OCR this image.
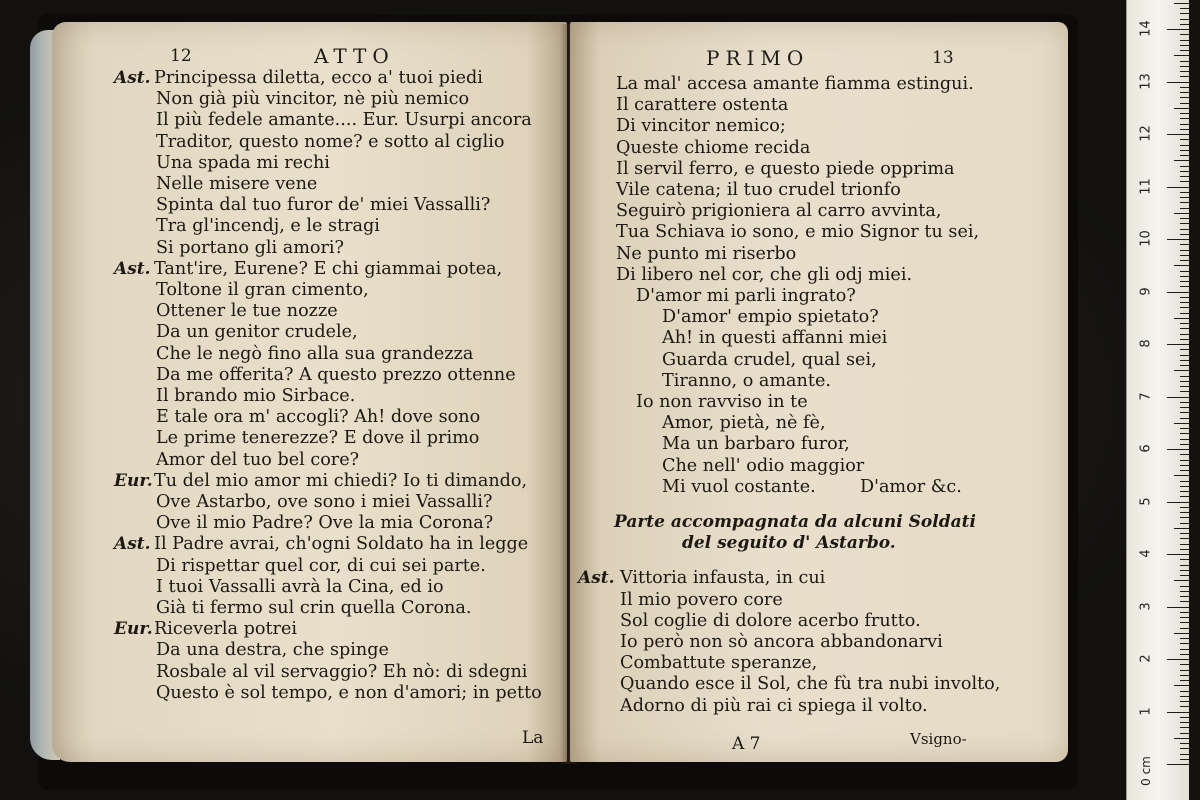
12	ATTO
Ast. Principessa diletta, ecco a' tuoi piedi
Non già più vincitor, nè più nemico
Il più fedele amante.... Eur. Usurpi ancora
Traditor, questo nome? e sotto al ciglio
Una spada mi rechi
Nelle misere vene
Spinta dal tuo furor de' miei Vassalli?
Tra gl'incendj, e le stragi
Si portano gli amori?
Ast. Tant'ire, Eurene? E chi giammai potea,
Toltone il gran cimento,
Ottener le tue nozze
Da un genitor crudele,
Che le negò fino alla sua grandezza
Da me offerita? A questo prezzo ottenne
Il brando mio Sirbace.
E tale ora m' accogli? Ah! dove sono
Le prime tenerezze? E dove il primo
Amor del tuo bel core?
Eur. Tu del mio amor mi chiedi? Io ti dimando,
Ove Astarbo, ove sono i miei Vassalli?
Ove il mio Padre? Ove la mia Corona?
Ast. Il Padre avrai, ch'ogni Soldato ha in legge
Di rispettar quel cor, di cui sei parte.
I tuoi Vassalli avrà la Cina, ed io
Già ti fermo sul crin quella Corona.
Eur. Riceverla potrei
Da una destra, che spinge
Rosbale al vil servaggio? Eh nò: di sdegni
Questo è sol tempo, e non d'amori; in petto
La
PRIMO	13
La mal' accesa amante fiamma estingui.
Il carattere ostenta
Di vincitor nemico;
Queste chiome recida
Il servil ferro, e questo piede opprima
Vile catena; il tuo crudel trionfo
Seguirò prigioniera al carro avvinta,
Tua Schiava io sono, e mio Signor tu sei,
Ne punto mi riserbo
Di libero nel cor, che gli odj miei.
D'amor mi parli ingrato?
D'amor' empio spietato?
Ah! in questi affanni miei
Guarda crudel, qual sei,
Tiranno, o amante.
Io non ravviso in te
Amor, pietà, nè fè,
Ma un barbaro furor,
Che nell' odio maggior
Mi vuol costante.	D'amor &c.
Parte accompagnata da alcuni Soldati
del seguito d' Astarbo.
Vittoria infausta, in cui
Ast.
Il mio povero core
Sol coglie di dolore acerbo frutto.
Io però non sò ancora abbandonarvi
Combattute speranze,
Quando esce il Sol, che fù tra nubi involto,
Adorno di più rai ci spiega il volto.
A 7	Vsigno-
0 cm
1
2
3
4
5
6
7
8
9
10
11
12
13
14
